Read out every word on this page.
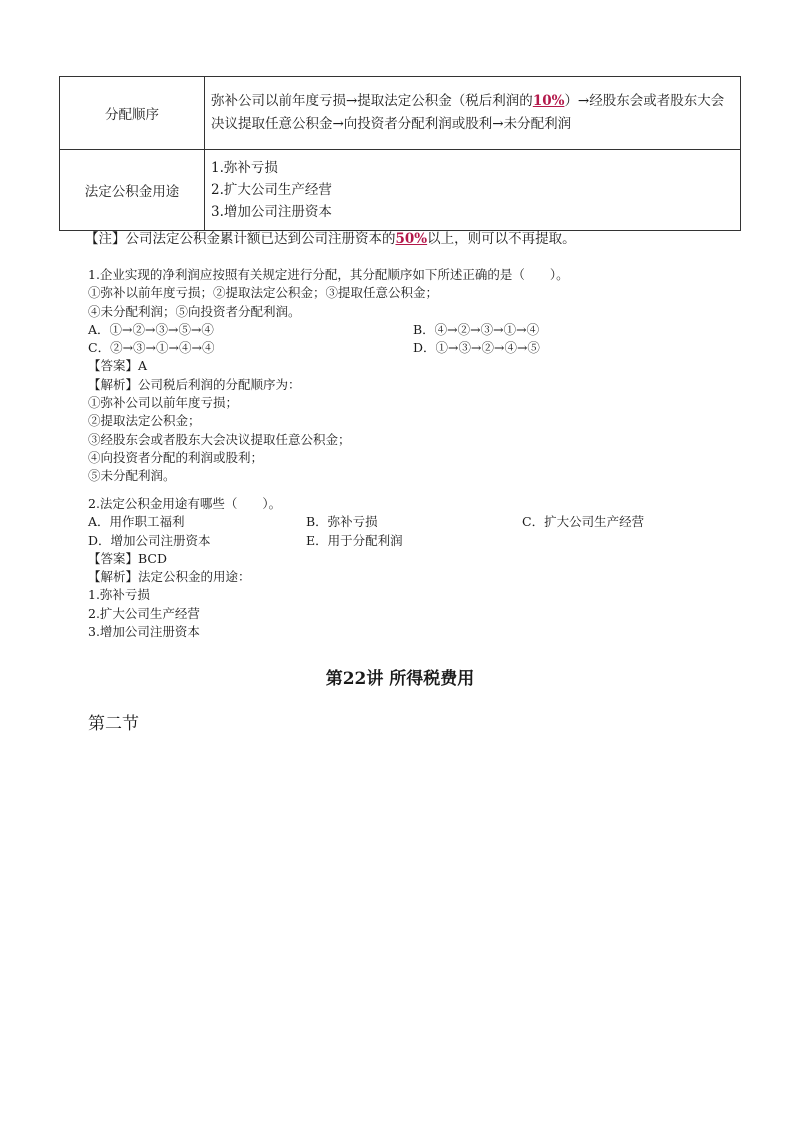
分配顺序	弥补公司以前年度亏损→提取法定公积金（税后利润的10%）→经股东会或者股东大会决议提取任意公积金→向投资者分配利润或股利→未分配利润
法定公积金用途	1.弥补亏损
2.扩大公司生产经营
3.增加公司注册资本
【注】公司法定公积金累计额已达到公司注册资本的50%以上，则可以不再提取。
1.企业实现的净利润应按照有关规定进行分配，其分配顺序如下所述正确的是（　　）。
①弥补以前年度亏损；②提取法定公积金；③提取任意公积金；
④未分配利润；⑤向投资者分配利润。
A．①→②→③→⑤→④	B．④→②→③→①→④
C．②→③→①→④→④	D．①→③→②→④→⑤
【答案】A
【解析】公司税后利润的分配顺序为：
①弥补公司以前年度亏损；
②提取法定公积金；
③经股东会或者股东大会决议提取任意公积金；
④向投资者分配的利润或股利；
⑤未分配利润。
2.法定公积金用途有哪些（　　）。
A．用作职工福利	B．弥补亏损	C．扩大公司生产经营
D．增加公司注册资本	E．用于分配利润
【答案】BCD
【解析】法定公积金的用途：
1.弥补亏损
2.扩大公司生产经营
3.增加公司注册资本
第22讲 所得税费用
第二节
